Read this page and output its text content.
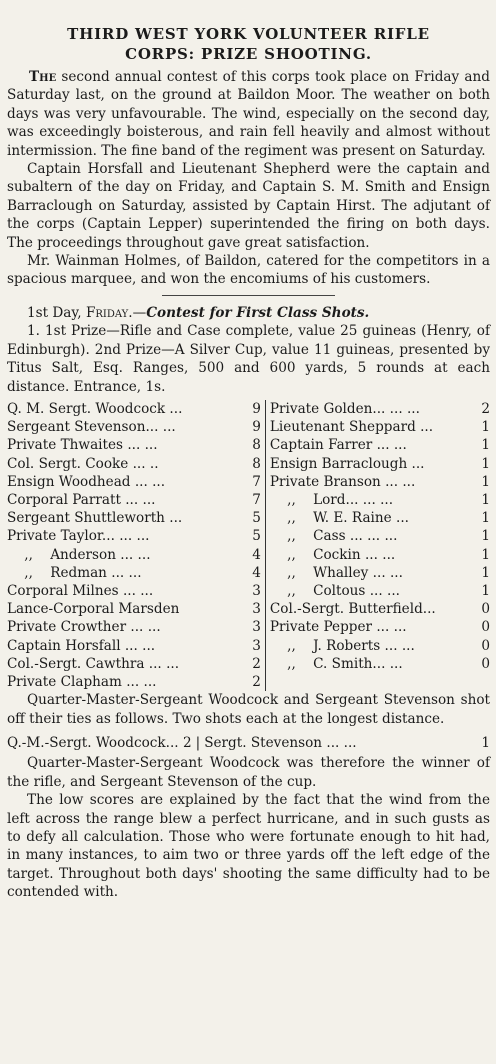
THIRD WEST YORK VOLUNTEER RIFLE
CORPS: PRIZE SHOOTING.

The second annual contest of this corps took place on Friday and Saturday last, on the ground at Baildon Moor. The weather on both days was very unfavourable. The wind, especially on the second day, was exceedingly boisterous, and rain fell heavily and almost without intermission. The fine band of the regiment was present on Saturday.

Captain Horsfall and Lieutenant Shepherd were the captain and subaltern of the day on Friday, and Captain S. M. Smith and Ensign Barraclough on Saturday, assisted by Captain Hirst. The adjutant of the corps (Captain Lepper) superintended the firing on both days. The proceedings throughout gave great satisfaction.

Mr. Wainman Holmes, of Baildon, catered for the competitors in a spacious marquee, and won the encomiums of his customers.

1st Day, Friday.—Contest for First Class Shots.

1. 1st Prize—Rifle and Case complete, value 25 guineas (Henry, of Edinburgh). 2nd Prize—A Silver Cup, value 11 guineas, presented by Titus Salt, Esq. Ranges, 500 and 600 yards, 5 rounds at each distance. Entrance, 1s.

Q. M. Sergt. Woodcock ...	9
Sergeant Stevenson... ...	9
Private Thwaites ... ...	8
Col. Sergt. Cooke ... ..	8
Ensign Woodhead ... ...	7
Corporal Parratt ... ...	7
Sergeant Shuttleworth ...	5
Private Taylor... ... ...	5
,,    Anderson ... ...	4
,,    Redman ... ...	4
Corporal Milnes ... ...	3
Lance-Corporal Marsden	3
Private Crowther ... ...	3
Captain Horsfall ... ...	3
Col.-Sergt. Cawthra ... ...	2
Private Clapham ... ...	2

Private Golden... ... ...	2
Lieutenant Sheppard ...	1
Captain Farrer ... ...	1
Ensign Barraclough ...	1
Private Branson ... ...	1
,,    Lord... ... ...	1
,,    W. E. Raine ...	1
,,    Cass ... ... ...	1
,,    Cockin ... ...	1
,,    Whalley ... ...	1
,,    Coltous ... ...	1
Col.-Sergt. Butterfield...	0
Private Pepper ... ...	0
,,    J. Roberts ... ...	0
,,    C. Smith... ...	0

Quarter-Master-Sergeant Woodcock and Sergeant Stevenson shot off their ties as follows. Two shots each at the longest distance.

Q.-M.-Sergt. Woodcock... 2 | Sergt. Stevenson ... ...	1

Quarter-Master-Sergeant Woodcock was therefore the winner of the rifle, and Sergeant Stevenson of the cup.

The low scores are explained by the fact that the wind from the left across the range blew a perfect hurricane, and in such gusts as to defy all calculation. Those who were fortunate enough to hit had, in many instances, to aim two or three yards off the left edge of the target. Throughout both days' shooting the same difficulty had to be contended with.
